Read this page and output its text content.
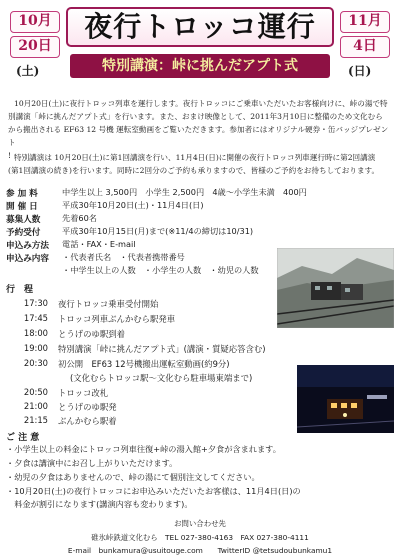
10月
20日
(土)
夜行トロッコ運行	11月
4日
(日)
特別講演：峠に挑んだアプト式
10月20日(土)に夜行トロッコ列車を運行します。夜行トロッコにご乗車いただいたお客様向けに、峠の湯で特
別講演「峠に挑んだアプト式」を行います。また、おまけ映像として、2011年3月10日に整備のため文化むら
から搬出される EF63 12 号機 運転室動画をご覧いただきます。参加者にはオリジナル硬券・缶バッジプレゼント
! 特別講演は 10月20日(土)に第1回講演を行い、11月4日(日)に開催の夜行トロッコ列車運行時に第2回講演
(第1回講演の続き)を行います。同時に2回分のご予約も承りますので、皆様のご予約をお待ちしております。
参 加 料	中学生以上 3,500円　小学生 2,500円　4歳～小学生未満　400円
開 催 日	平成30年10月20日(土)・11月4日(日)
募集人数	先着60名
予約受付	平成30年10月15日(月)まで(※11/4の締切は10/31)
申込み方法 電話・FAX・E-mail
申込み内容 ・代表者氏名　・代表者携帯番号
・中学生以上の人数　・小学生の人数　・幼児の人数
行　程
17:30 夜行トロッコ乗車受付開始
17:45 トロッコ列車ぶんかむら駅発車
18:00 とうげのゆ駅到着
19:00 特別講演「峠に挑んだアプト式」(講演・質疑応答含む)
20:30 初公開　EF63 12号機搬出運転室動画(約9分)
(文化むらトロッコ駅～文化むら駐車場東端まで)
20:50 トロッコ改札
21:00 とうげのゆ駅発
21:15 ぶんかむら駅着
ご 注 意
・小学生以上の料金にトロッコ列車往復+峠の湯入館+夕食が含まれます。
・夕食は講演中にお召し上がりいただけます。
・幼児の夕食はありませんので、峠の湯にて個別注文してください。
・10月20日(土)の夜行トロッコにお申込みいただいたお客様は、11月4日(日)の
　料金が割引になります(講演内容も変わります)。
お問い合わせ先
碓氷峠鉄道文化むら　TEL 027-380-4163　FAX 027-380-4111
E-mail　bunkamura@usuitouge.com　　TwitterID @tetsudoubunkamu1
